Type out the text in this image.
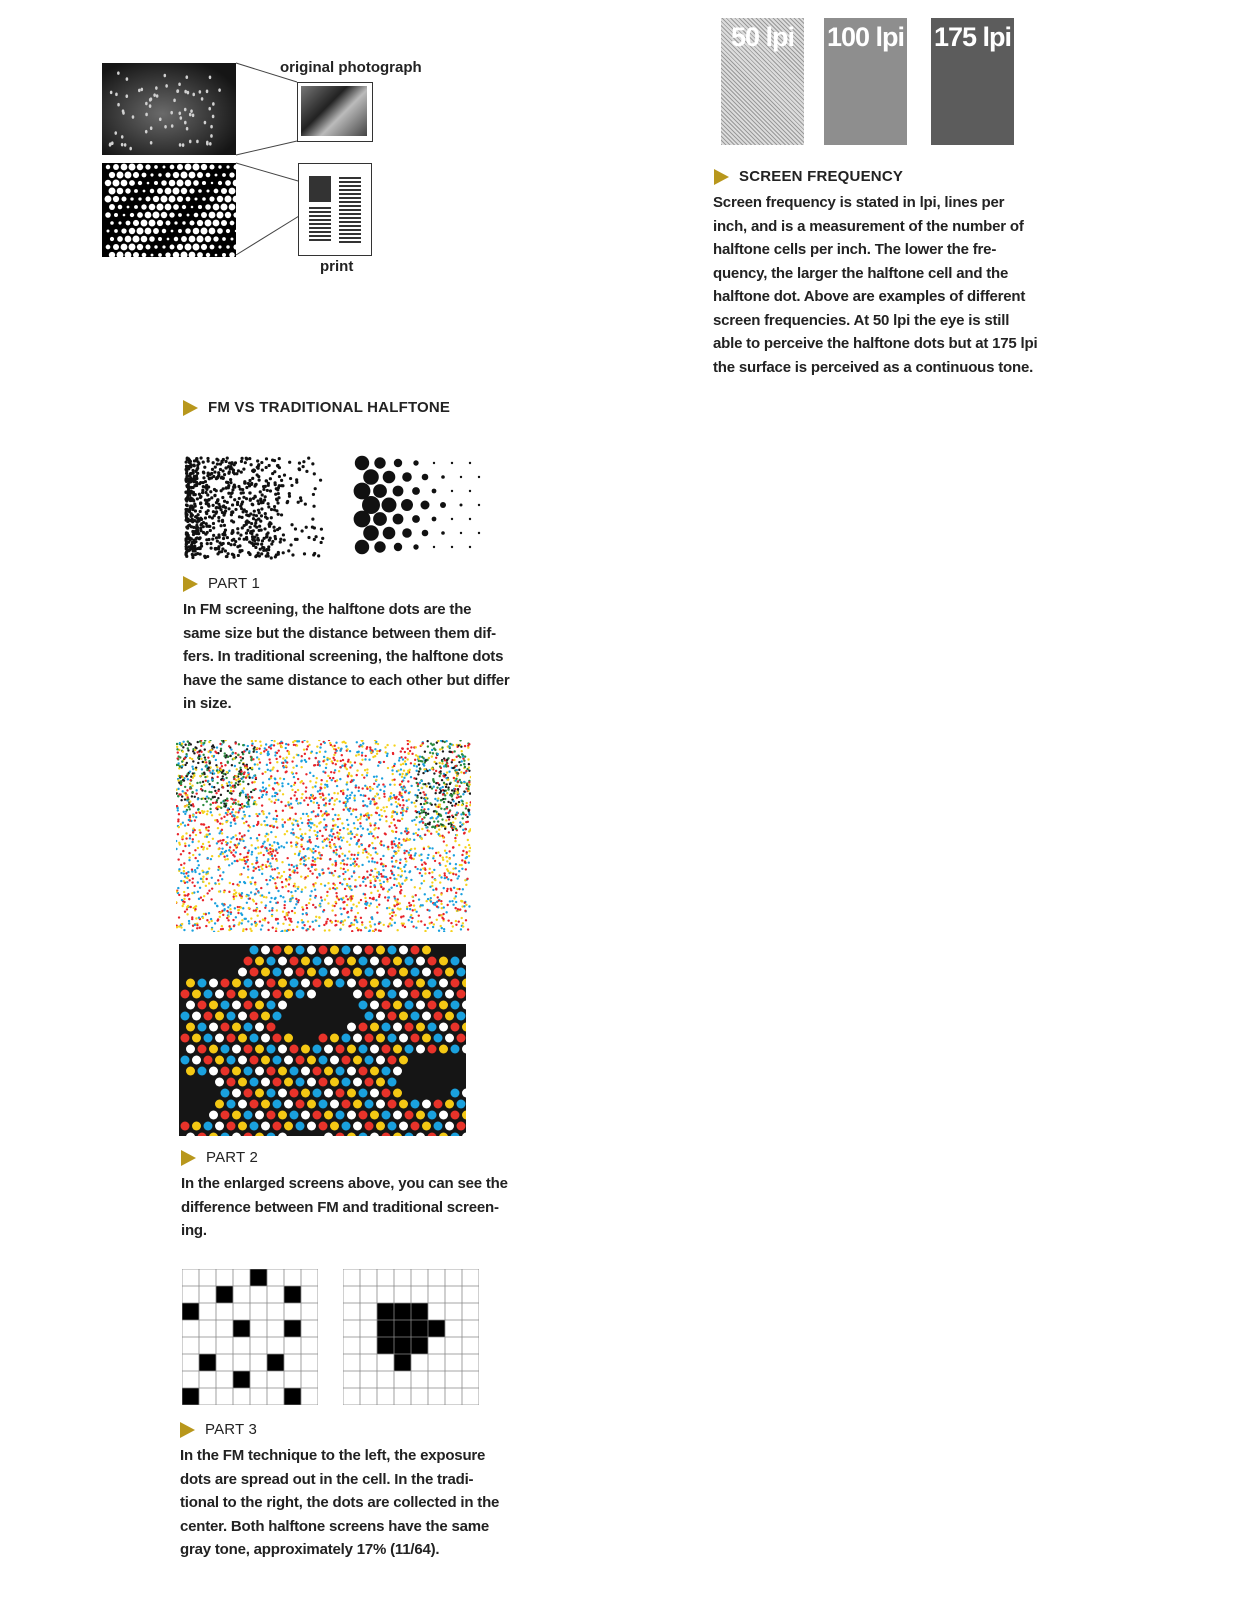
original photograph
print
50 lpi	100 lpi 175 lpi
SCREEN FREQUENCY
Screen frequency is stated in lpi, lines per
inch, and is a measurement of the number of
halftone cells per inch. The lower the fre-
quency, the larger the halftone cell and the
halftone dot. Above are examples of different
screen frequencies. At 50 lpi the eye is still
able to perceive the halftone dots but at 175 lpi
the surface is perceived as a continuous tone.
FM VS TRADITIONAL HALFTONE
PART 1
In FM screening, the halftone dots are the
same size but the distance between them dif-
fers. In traditional screening, the halftone dots
have the same distance to each other but differ
in size.
PART 2
In the enlarged screens above, you can see the
difference between FM and traditional screen-
ing.
PART 3
In the FM technique to the left, the exposure
dots are spread out in the cell. In the tradi-
tional to the right, the dots are collected in the
center. Both halftone screens have the same
gray tone, approximately 17% (11/64).
